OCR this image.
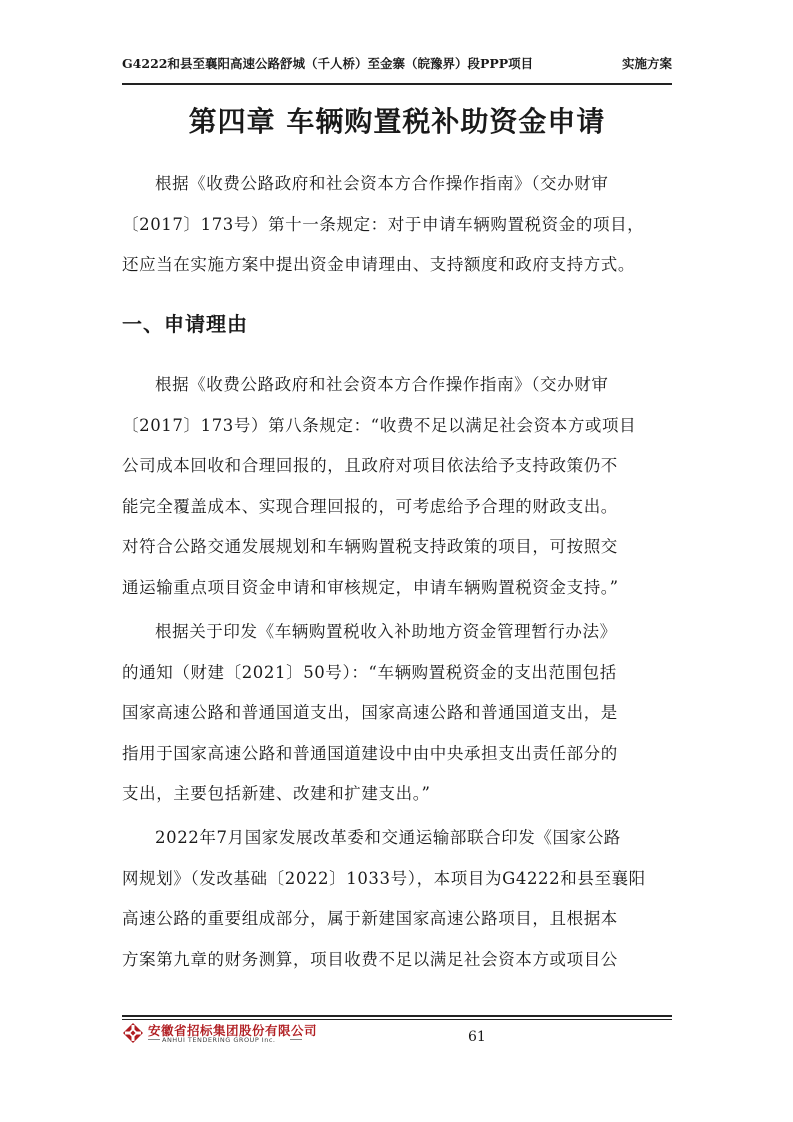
G4222和县至襄阳高速公路舒城（千人桥）至金寨（皖豫界）段PPP项目	实施方案
第四章 车辆购置税补助资金申请
根据《收费公路政府和社会资本方合作操作指南》（交办财审
〔2017〕173号）第十一条规定：对于申请车辆购置税资金的项目，
还应当在实施方案中提出资金申请理由、支持额度和政府支持方式。
一、申请理由
根据《收费公路政府和社会资本方合作操作指南》（交办财审
〔2017〕173号）第八条规定：“收费不足以满足社会资本方或项目
公司成本回收和合理回报的，且政府对项目依法给予支持政策仍不
能完全覆盖成本、实现合理回报的，可考虑给予合理的财政支出。
对符合公路交通发展规划和车辆购置税支持政策的项目，可按照交
通运输重点项目资金申请和审核规定，申请车辆购置税资金支持。”
根据关于印发《车辆购置税收入补助地方资金管理暂行办法》
的通知（财建〔2021〕50号）：“车辆购置税资金的支出范围包括
国家高速公路和普通国道支出，国家高速公路和普通国道支出，是
指用于国家高速公路和普通国道建设中由中央承担支出责任部分的
支出，主要包括新建、改建和扩建支出。”
2022年7月国家发展改革委和交通运输部联合印发《国家公路
网规划》（发改基础〔2022〕1033号），本项目为G4222和县至襄阳
高速公路的重要组成部分，属于新建国家高速公路项目，且根据本
方案第九章的财务测算，项目收费不足以满足社会资本方或项目公
安徽省招标集团股份有限公司
ANHUI TENDERING GROUP Inc.	61
